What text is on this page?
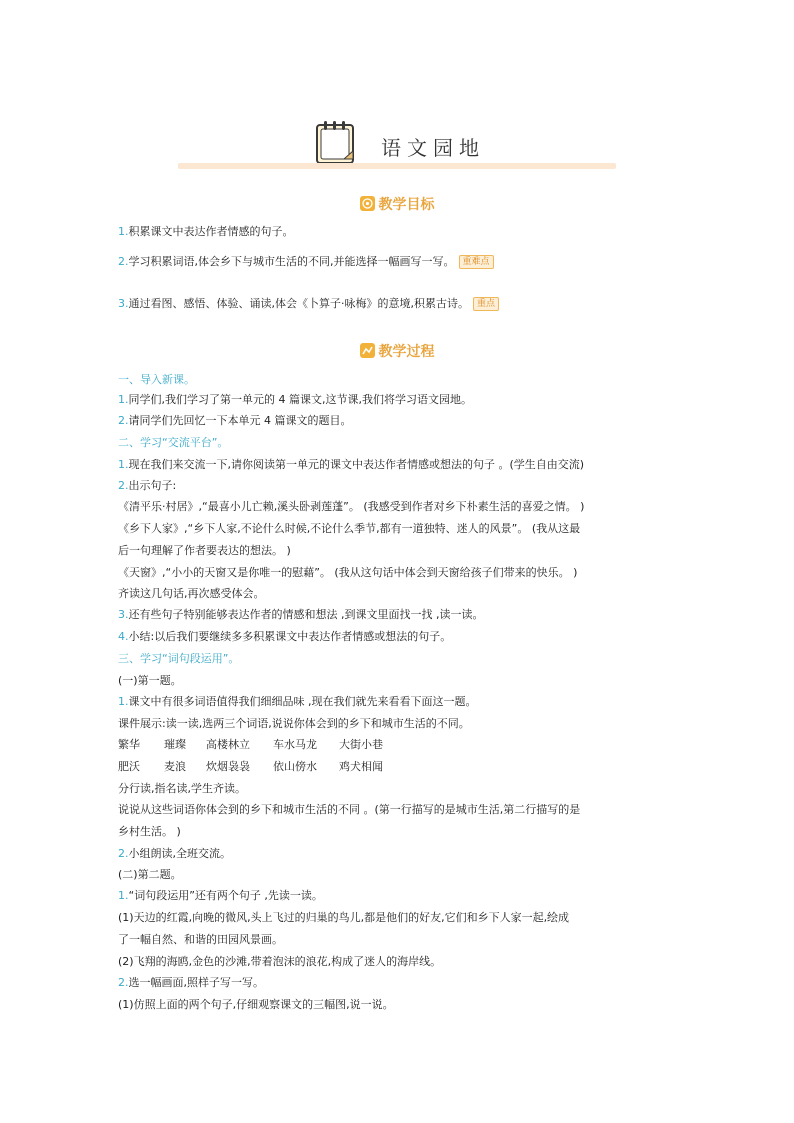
语文园地
教学目标
1.积累课文中表达作者情感的句子。
2.学习积累词语,体会乡下与城市生活的不同,并能选择一幅画写一写。 重难点
3.通过看图、感悟、体验、诵读,体会《卜算子·咏梅》的意境,积累古诗。 重点
教学过程
一、导入新课。
1.同学们,我们学习了第一单元的 4 篇课文,这节课,我们将学习语文园地。
2.请同学们先回忆一下本单元 4 篇课文的题目。
二、学习“交流平台”。
1.现在我们来交流一下,请你阅读第一单元的课文中表达作者情感或想法的句子 。(学生自由交流)
2.出示句子:
《清平乐·村居》,“最喜小儿亡赖,溪头卧剥莲蓬”。 (我感受到作者对乡下朴素生活的喜爱之情。 )
《乡下人家》,“乡下人家,不论什么时候,不论什么季节,都有一道独特、迷人的风景”。 (我从这最
后一句理解了作者要表达的想法。 )
《天窗》,“小小的天窗又是你唯一的慰藉”。 (我从这句话中体会到天窗给孩子们带来的快乐。 )
齐读这几句话,再次感受体会。
3.还有些句子特别能够表达作者的情感和想法 ,到课文里面找一找 ,读一读。
4.小结:以后我们要继续多多积累课文中表达作者情感或想法的句子。
三、学习“词句段运用”。
(一)第一题。
1.课文中有很多词语值得我们细细品味 ,现在我们就先来看看下面这一题。
课件展示:读一读,选两三个词语,说说你体会到的乡下和城市生活的不同。
繁华 璀璨 高楼林立 车水马龙 大街小巷
肥沃 麦浪 炊烟袅袅 依山傍水 鸡犬相闻
分行读,指名读,学生齐读。
说说从这些词语你体会到的乡下和城市生活的不同 。(第一行描写的是城市生活,第二行描写的是
乡村生活。 )
2.小组朗读,全班交流。
(二)第二题。
1.“词句段运用”还有两个句子 ,先读一读。
(1)天边的红霞,向晚的微风,头上飞过的归巢的鸟儿,都是他们的好友,它们和乡下人家一起,绘成
了一幅自然、和谐的田园风景画。
(2)飞翔的海鸥,金色的沙滩,带着泡沫的浪花,构成了迷人的海岸线。
2.选一幅画面,照样子写一写。
(1)仿照上面的两个句子,仔细观察课文的三幅图,说一说。
